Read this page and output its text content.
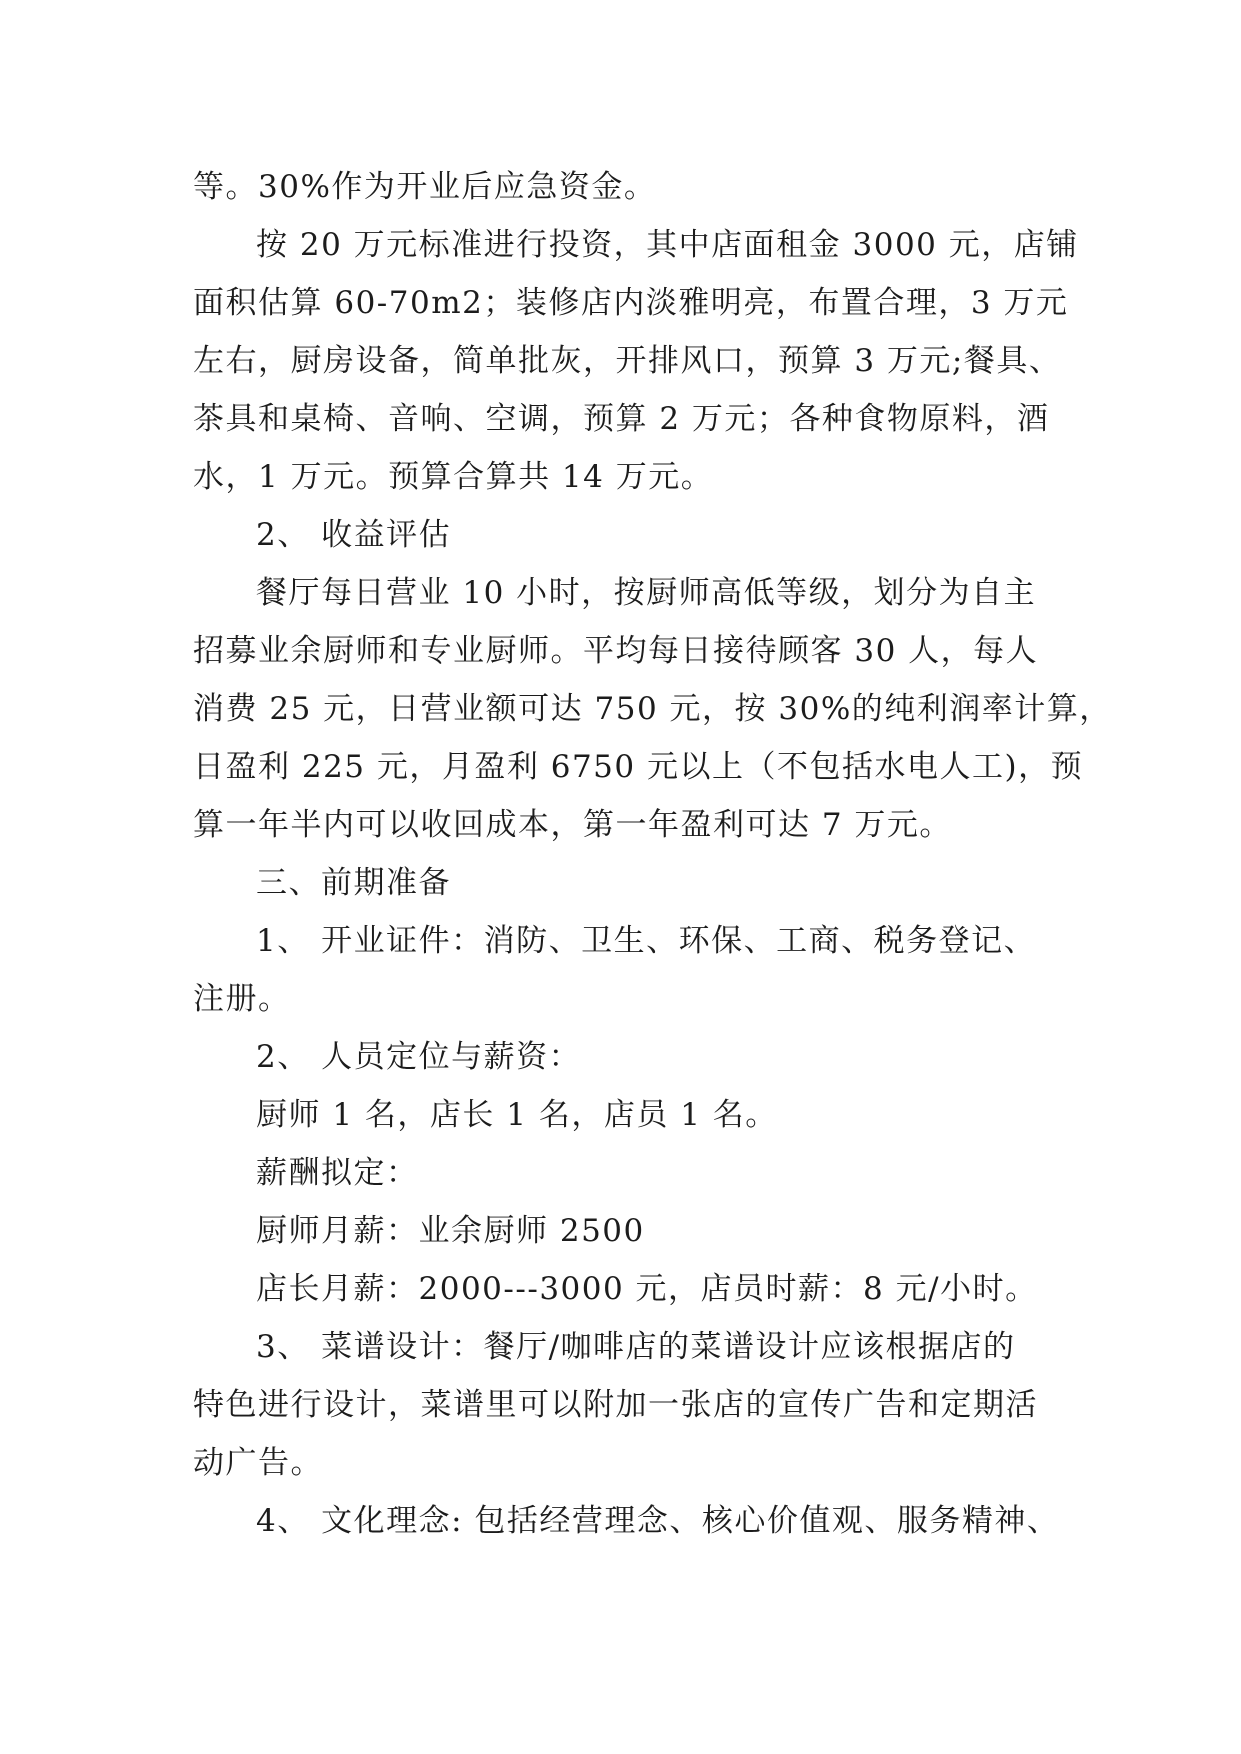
等。30%作为开业后应急资金。
按 20 万元标准进行投资，其中店面租金 3000 元，店铺
面积估算 60-70m2；装修店内淡雅明亮，布置合理，3 万元
左右，厨房设备，简单批灰，开排风口，预算 3 万元;餐具、
茶具和桌椅、音响、空调，预算 2 万元；各种食物原料，酒
水，1 万元。预算合算共 14 万元。
2、 收益评估
餐厅每日营业 10 小时，按厨师高低等级，划分为自主
招募业余厨师和专业厨师。平均每日接待顾客 30 人，每人
消费 25 元，日营业额可达 750 元，按 30%的纯利润率计算，
日盈利 225 元，月盈利 6750 元以上（不包括水电人工)，预
算一年半内可以收回成本，第一年盈利可达 7 万元。
三、前期准备
1、 开业证件：消防、卫生、环保、工商、税务登记、
注册。
2、 人员定位与薪资：
厨师 1 名，店长 1 名，店员 1 名。
薪酬拟定：
厨师月薪：业余厨师 2500
店长月薪：2000---3000 元，店员时薪：8 元/小时。
3、 菜谱设计：餐厅/咖啡店的菜谱设计应该根据店的
特色进行设计，菜谱里可以附加一张店的宣传广告和定期活
动广告。
4、 文化理念: 包括经营理念、核心价值观、服务精神、
